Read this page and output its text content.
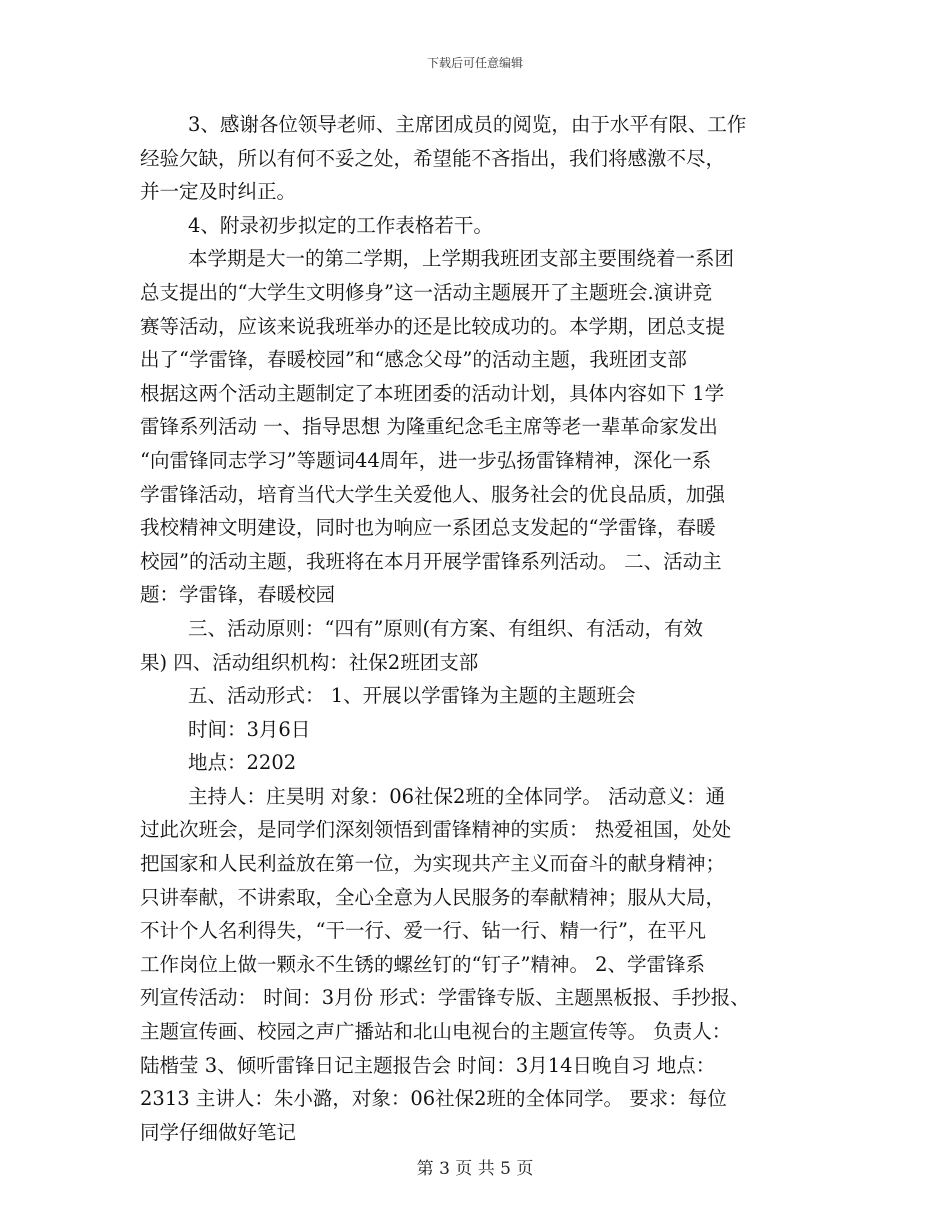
下载后可任意编辑
3、感谢各位领导老师、主席团成员的阅览，由于水平有限、工作
经验欠缺，所以有何不妥之处，希望能不吝指出，我们将感激不尽，
并一定及时纠正。
4、附录初步拟定的工作表格若干。
本学期是大一的第二学期，上学期我班团支部主要围绕着一系团
总支提出的“大学生文明修身”这一活动主题展开了主题班会.演讲竞
赛等活动，应该来说我班举办的还是比较成功的。本学期，团总支提
出了“学雷锋，春暖校园”和“感念父母”的活动主题，我班团支部
根据这两个活动主题制定了本班团委的活动计划，具体内容如下 1学
雷锋系列活动 一、指导思想 为隆重纪念毛主席等老一辈革命家发出
“向雷锋同志学习”等题词44周年，进一步弘扬雷锋精神，深化一系
学雷锋活动，培育当代大学生关爱他人、服务社会的优良品质，加强
我校精神文明建设，同时也为响应一系团总支发起的“学雷锋，春暖
校园”的活动主题，我班将在本月开展学雷锋系列活动。 二、活动主
题：学雷锋，春暖校园
三、活动原则：“四有”原则(有方案、有组织、有活动，有效
果) 四、活动组织机构：社保2班团支部
五、活动形式： 1、开展以学雷锋为主题的主题班会
时间：3月6日
地点：2202
主持人：庄昊明 对象：06社保2班的全体同学。 活动意义：通
过此次班会，是同学们深刻领悟到雷锋精神的实质： 热爱祖国，处处
把国家和人民利益放在第一位，为实现共产主义而奋斗的献身精神；
只讲奉献，不讲索取，全心全意为人民服务的奉献精神；服从大局，
不计个人名利得失，“干一行、爱一行、钻一行、精一行”，在平凡
工作岗位上做一颗永不生锈的螺丝钉的“钉子”精神。 2、学雷锋系
列宣传活动： 时间：3月份 形式：学雷锋专版、主题黑板报、手抄报、
主题宣传画、校园之声广播站和北山电视台的主题宣传等。 负责人：
陆楷莹 3、倾听雷锋日记主题报告会 时间：3月14日晚自习 地点：
2313 主讲人：朱小潞，对象：06社保2班的全体同学。 要求：每位
同学仔细做好笔记
第 3 页 共 5 页
